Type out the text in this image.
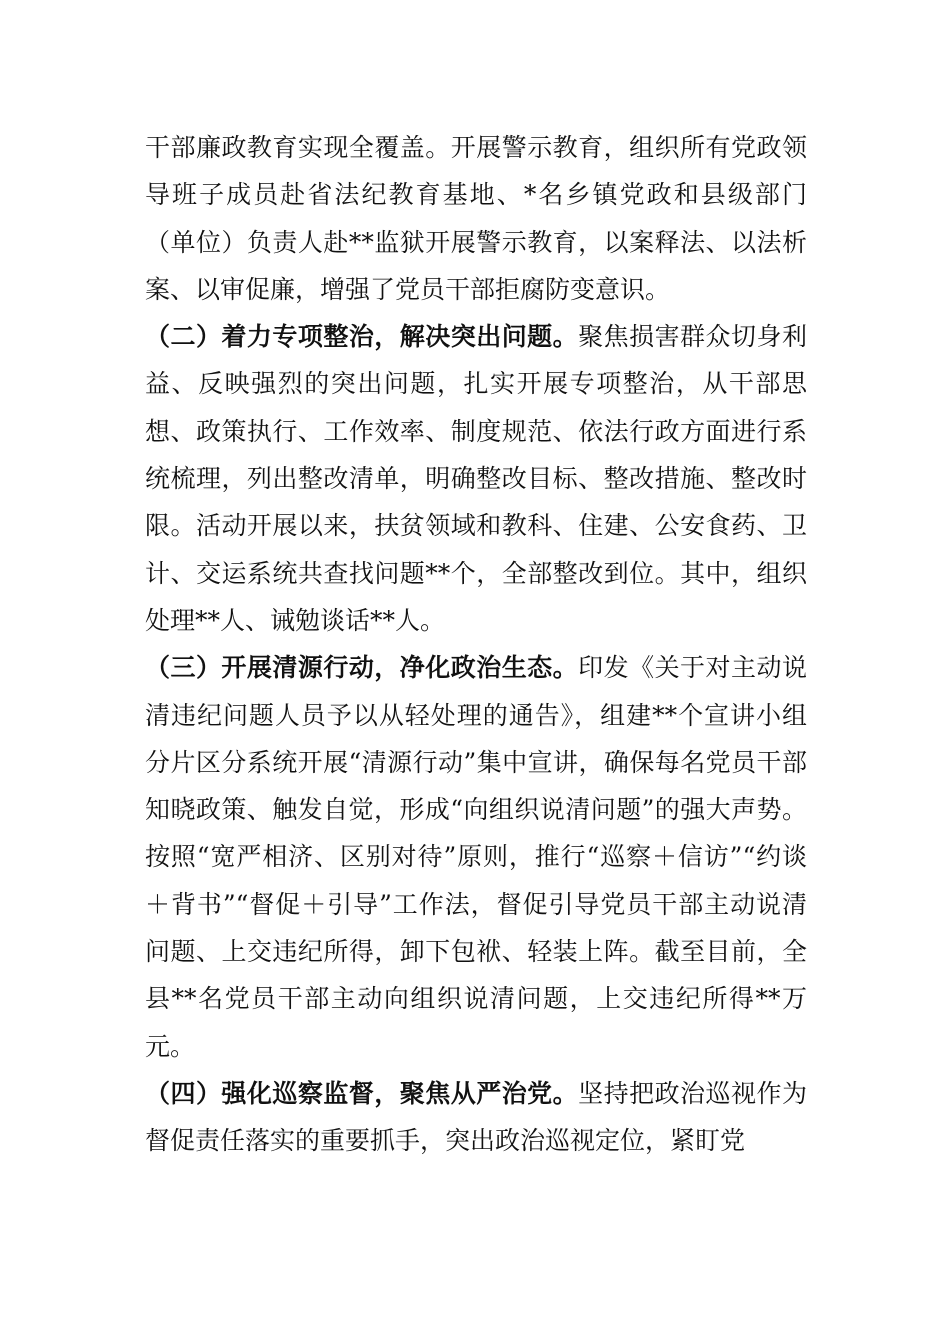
干部廉政教育实现全覆盖。开展警示教育，组织所有党政领导班子成员赴省法纪教育基地、*名乡镇党政和县级部门（单位）负责人赴**监狱开展警示教育，以案释法、以法析案、以审促廉，增强了党员干部拒腐防变意识。

（二）着力专项整治，解决突出问题。聚焦损害群众切身利益、反映强烈的突出问题，扎实开展专项整治，从干部思想、政策执行、工作效率、制度规范、依法行政方面进行系统梳理，列出整改清单，明确整改目标、整改措施、整改时限。活动开展以来，扶贫领域和教科、住建、公安食药、卫计、交运系统共查找问题**个，全部整改到位。其中，组织处理**人、诫勉谈话**人。

（三）开展清源行动，净化政治生态。印发《关于对主动说清违纪问题人员予以从轻处理的通告》，组建**个宣讲小组分片区分系统开展“清源行动”集中宣讲，确保每名党员干部知晓政策、触发自觉，形成“向组织说清问题”的强大声势。按照“宽严相济、区别对待”原则，推行“巡察＋信访”“约谈＋背书”“督促＋引导”工作法，督促引导党员干部主动说清问题、上交违纪所得，卸下包袱、轻装上阵。截至目前，全县**名党员干部主动向组织说清问题，上交违纪所得**万元。

（四）强化巡察监督，聚焦从严治党。坚持把政治巡视作为督促责任落实的重要抓手，突出政治巡视定位，紧盯党
